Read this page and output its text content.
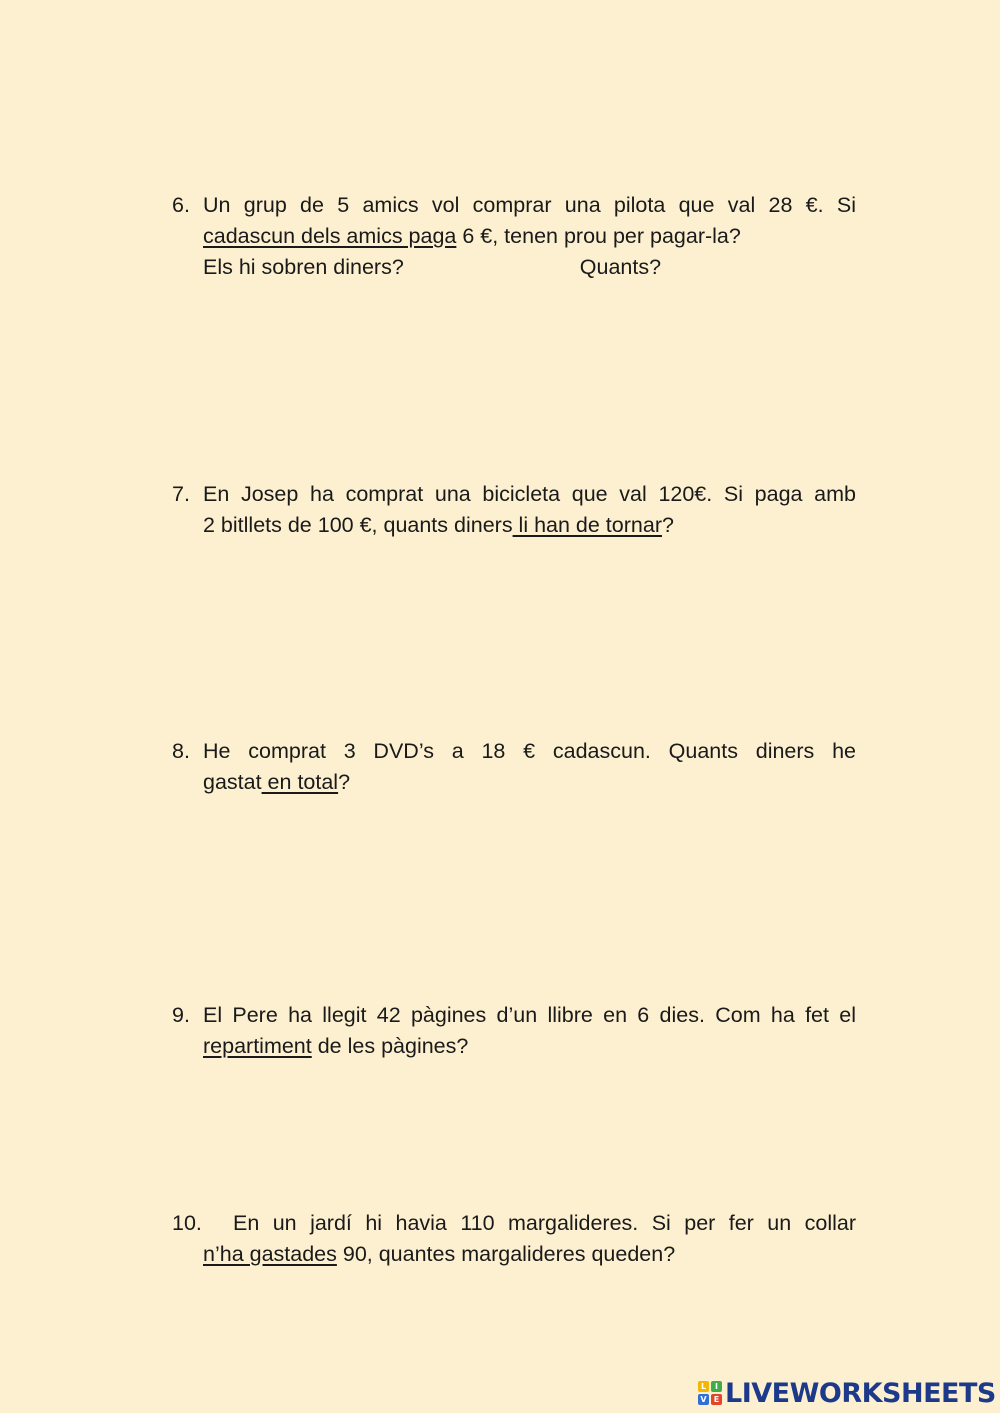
6. Un grup de 5 amics vol comprar una pilota que val 28 €. Si
cadascun dels amics paga 6 €, tenen prou per pagar-la?
Els hi sobren diners?	Quants?
7. En Josep ha comprat una bicicleta que val 120€. Si paga amb
2 bitllets de 100 €, quants diners li han de tornar?
8. He comprat 3 DVD’s a 18 € cadascun. Quants diners he
gastat en total?
9. El Pere ha llegit 42 pàgines d’un llibre en 6 dies. Com ha fet el
repartiment de les pàgines?
10. En un jardí hi havia 110 margalideres. Si per fer un collar
n’ha gastades 90, quantes margalideres queden?
L	I
V E LIVEWORKSHEETS
